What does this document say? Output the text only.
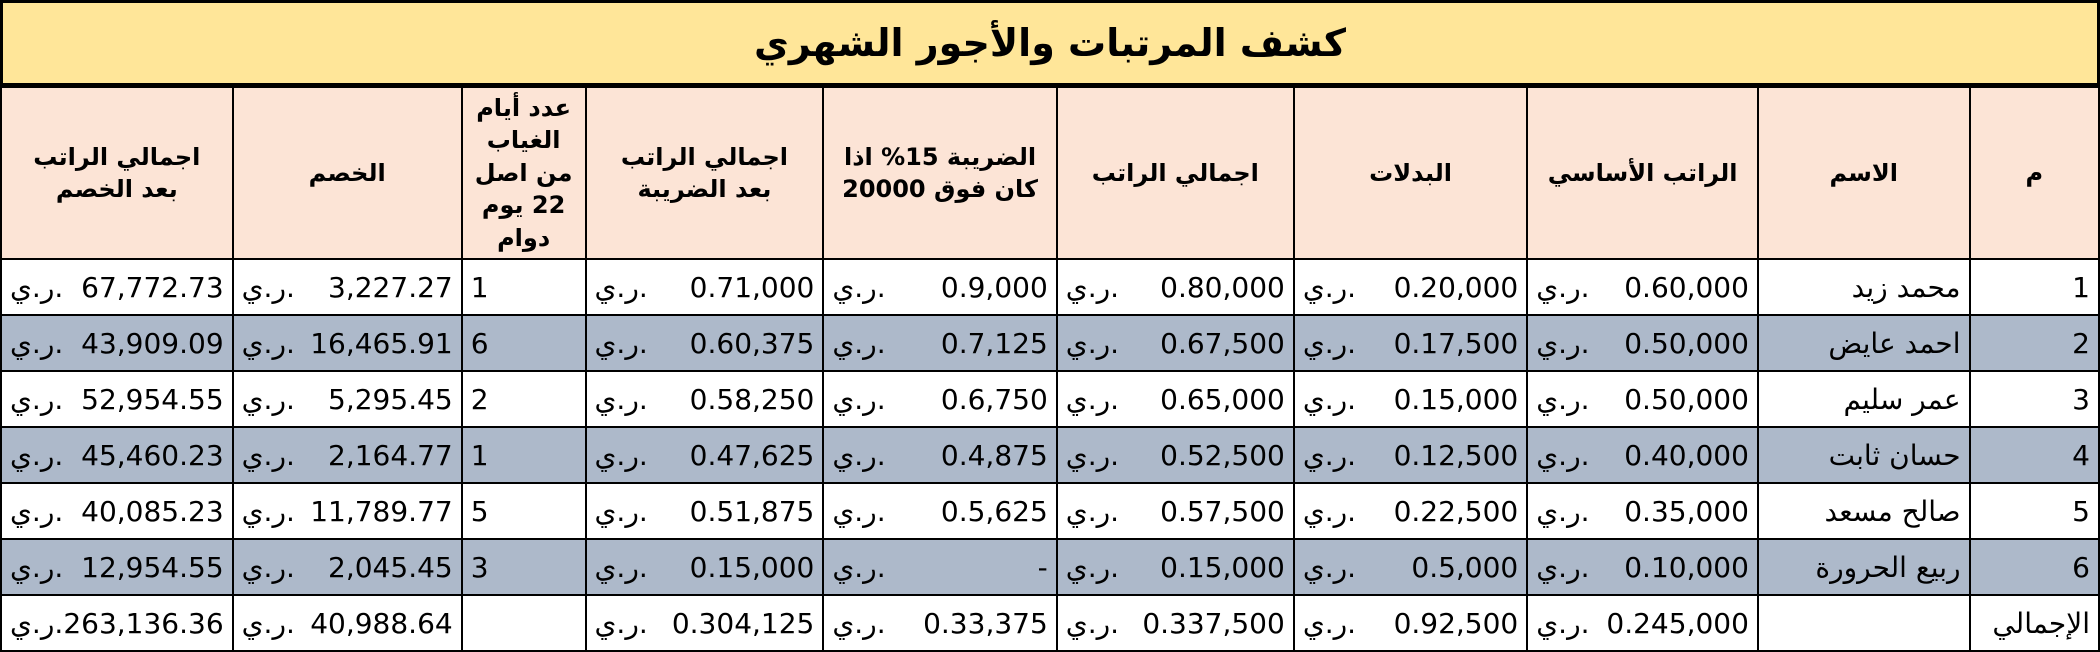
كشف المرتبات والأجور الشهري
م	الاسم	الراتب الأساسي	البدلات	اجمالي الراتب	الضريبة 15% اذا كان فوق 20000	اجمالي الراتب بعد الضريبة	عدد أيام الغياب من اصل 22 يوم دوام	الخصم	اجمالي الراتب بعد الخصم
1	محمد زيد	ر.ي. 0.60,000	ر.ي. 0.20,000	ر.ي. 0.80,000	ر.ي. 0.9,000	ر.ي. 0.71,000	1	ر.ي. 3,227.27	ر.ي. 67,772.73

2	احمد عايض	ر.ي. 0.50,000	ر.ي. 0.17,500	ر.ي. 0.67,500	ر.ي. 0.7,125	ر.ي. 0.60,375	6	ر.ي. 16,465.91	ر.ي. 43,909.09

3	عمر سليم	ر.ي. 0.50,000	ر.ي. 0.15,000	ر.ي. 0.65,000	ر.ي. 0.6,750	ر.ي. 0.58,250	2	ر.ي. 5,295.45	ر.ي. 52,954.55

4	حسان ثابت	ر.ي. 0.40,000	ر.ي. 0.12,500	ر.ي. 0.52,500	ر.ي. 0.4,875	ر.ي. 0.47,625	1	ر.ي. 2,164.77	ر.ي. 45,460.23

5	صالح مسعد	ر.ي. 0.35,000	ر.ي. 0.22,500	ر.ي. 0.57,500	ر.ي. 0.5,625	ر.ي. 0.51,875	5	ر.ي. 11,789.77	ر.ي. 40,085.23

6	ربيع الحرورة	ر.ي. 0.10,000	ر.ي. 0.5,000	ر.ي. 0.15,000	ر.ي. -	ر.ي. 0.15,000	3	ر.ي. 2,045.45	ر.ي. 12,954.55

الإجمالي		ر.ي. 0.245,000	ر.ي. 0.92,500	ر.ي. 0.337,500	ر.ي. 0.33,375	ر.ي. 0.304,125		ر.ي. 40,988.64	ر.ي. 263,136.36
